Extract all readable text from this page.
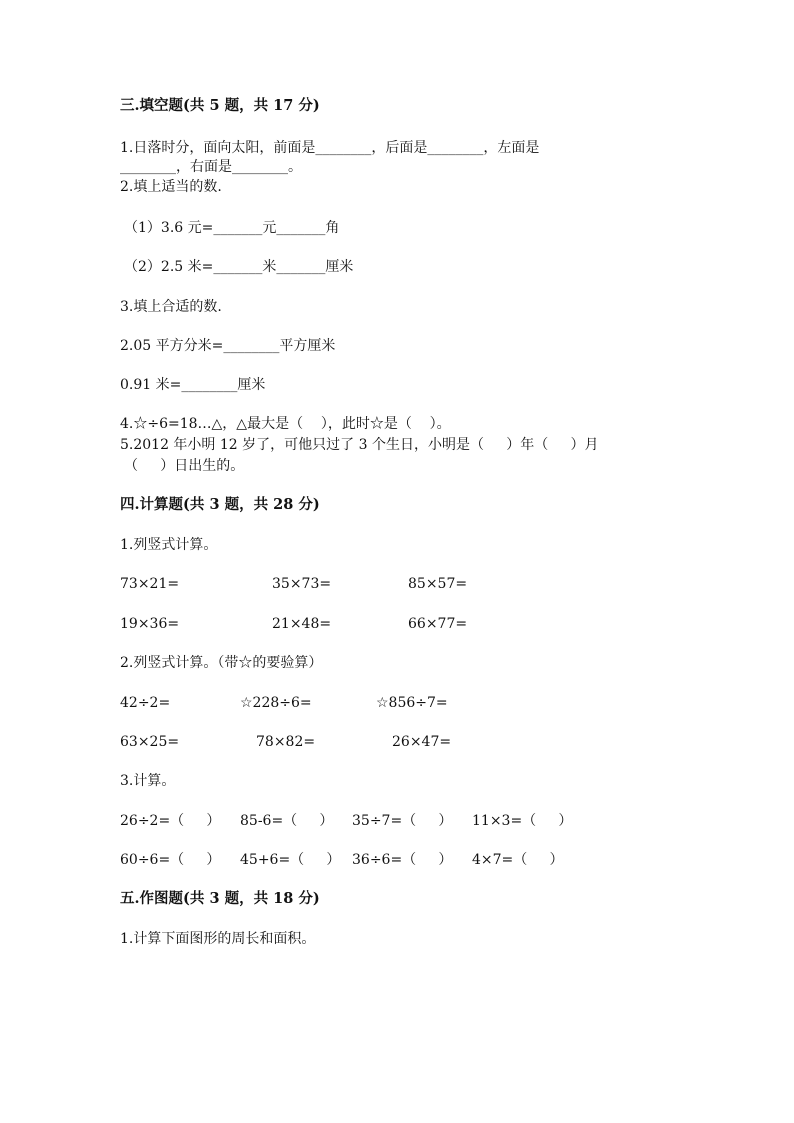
三.填空题(共 5 题，共 17 分)
1.日落时分，面向太阳，前面是________，后面是________，左面是
________，右面是________。
2.填上适当的数.
（1）3.6 元=_______元_______角
（2）2.5 米=_______米_______厘米
3.填上合适的数.
2.05 平方分米=________平方厘米
0.91 米=________厘米
4.☆÷6=18…△，△最大是（    ），此时☆是（    ）。
5.2012 年小明 12 岁了，可他只过了 3 个生日，小明是（     ）年（     ）月
（     ）日出生的。
四.计算题(共 3 题，共 28 分)
1.列竖式计算。
73×21=	35×73=	85×57=
19×36=	21×48=	66×77=
2.列竖式计算。（带☆的要验算）
42÷2=	☆228÷6=	☆856÷7=
63×25=	78×82=	26×47=
3.计算。
26÷2=（     ） 85-6=（     ） 35÷7=（     ） 11×3=（     ）
60÷6=（     ） 45+6=（     ） 36÷6=（     ） 4×7=（     ）
五.作图题(共 3 题，共 18 分)
1.计算下面图形的周长和面积。
